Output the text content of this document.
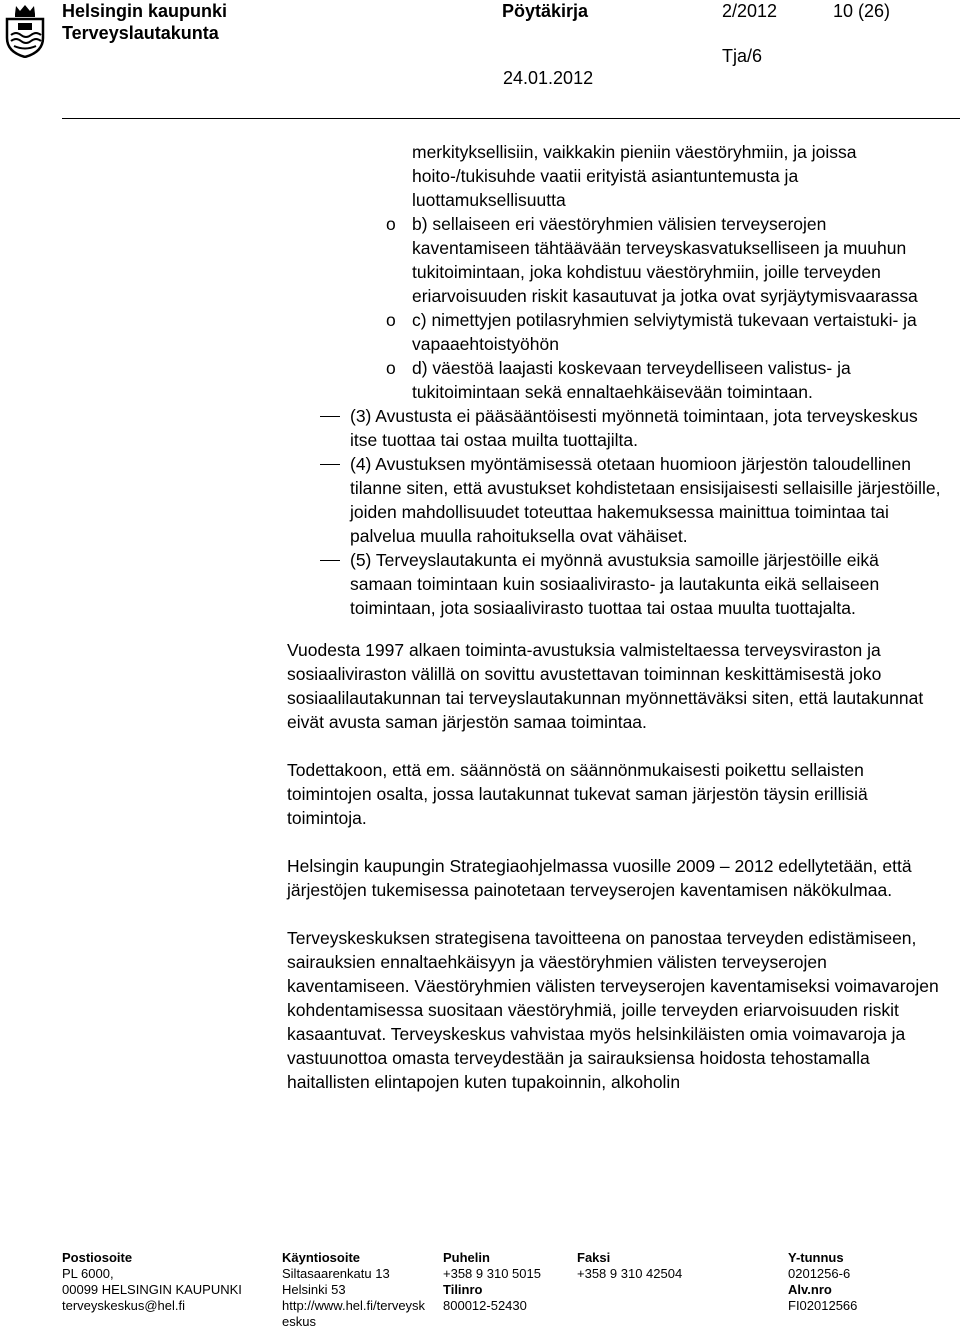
Helsingin kaupunki
Terveyslautakunta
Pöytäkirja	2/2012	10 (26)
Tja/6
24.01.2012
merkityksellisiin, vaikkakin pieniin väestöryhmiin, ja joissa hoito-/tukisuhde vaatii erityistä asiantuntemusta ja luottamuksellisuutta
o b) sellaiseen eri väestöryhmien välisien terveyserojen kaventamiseen tähtäävään terveyskasvatukselliseen ja muuhun tukitoimintaan, joka kohdistuu väestöryhmiin, joille terveyden eriarvoisuuden riskit kasautuvat ja jotka ovat syrjäytymisvaarassa
o c) nimettyjen potilasryhmien selviytymistä tukevaan vertaistuki- ja vapaaehtoistyöhön
o d) väestöä laajasti koskevaan terveydelliseen valistus- ja tukitoimintaan sekä ennaltaehkäisevään toimintaan.
(3) Avustusta ei pääsääntöisesti myönnetä toimintaan, jota terveyskeskus itse tuottaa tai ostaa muilta tuottajilta.
(4) Avustuksen myöntämisessä otetaan huomioon järjestön taloudellinen tilanne siten, että avustukset kohdistetaan ensisijaisesti sellaisille järjestöille, joiden mahdollisuudet toteuttaa hakemuksessa mainittua toimintaa tai palvelua muulla rahoituksella ovat vähäiset.
(5) Terveyslautakunta ei myönnä avustuksia samoille järjestöille eikä samaan toimintaan kuin sosiaalivirasto- ja lautakunta eikä sellaiseen toimintaan, jota sosiaalivirasto tuottaa tai ostaa muulta tuottajalta.
Vuodesta 1997 alkaen toiminta-avustuksia valmisteltaessa terveysviraston ja sosiaaliviraston välillä on sovittu avustettavan toiminnan keskittämisestä joko sosiaalilautakunnan tai terveyslautakunnan myönnettäväksi siten, että lautakunnat eivät avusta saman järjestön samaa toimintaa.
Todettakoon, että em. säännöstä on säännönmukaisesti poikettu sellaisten toimintojen osalta, jossa lautakunnat tukevat saman järjestön täysin erillisiä toimintoja.
Helsingin kaupungin Strategiaohjelmassa vuosille 2009 – 2012 edellytetään, että järjestöjen tukemisessa painotetaan terveyserojen kaventamisen näkökulmaa.
Terveyskeskuksen strategisena tavoitteena on panostaa terveyden edistämiseen, sairauksien ennaltaehkäisyyn ja väestöryhmien välisten terveyserojen kaventamiseen. Väestöryhmien välisten terveyserojen kaventamiseksi voimavarojen kohdentamisessa suositaan väestöryhmiä, joille terveyden eriarvoisuuden riskit kasaantuvat. Terveyskeskus vahvistaa myös helsinkiläisten omia voimavaroja ja vastuunottoa omasta terveydestään ja sairauksiensa hoidosta tehostamalla haitallisten elintapojen kuten tupakoinnin, alkoholin
Postiosoite
PL 6000,
00099 HELSINGIN KAUPUNKI
terveyskeskus@hel.fi
Käyntiosoite
Siltasaarenkatu 13
Helsinki 53
http://www.hel.fi/terveysk
eskus
Puhelin
+358 9 310 5015
Tilinro
800012-52430
Faksi
+358 9 310 42504
Y-tunnus
0201256-6
Alv.nro
FI02012566
